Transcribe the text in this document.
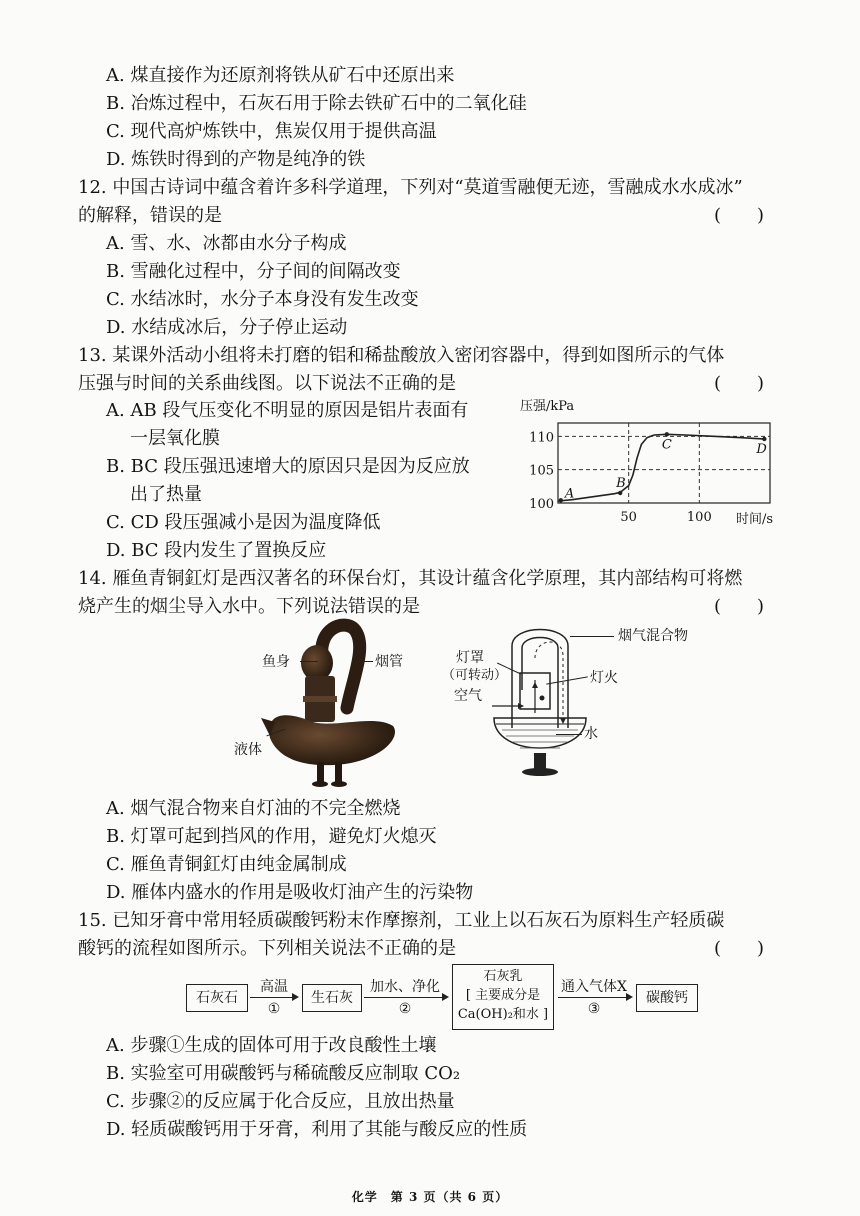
A. 煤直接作为还原剂将铁从矿石中还原出来
B. 冶炼过程中，石灰石用于除去铁矿石中的二氧化硅
C. 现代高炉炼铁中，焦炭仅用于提供高温
D. 炼铁时得到的产物是纯净的铁
12. 中国古诗词中蕴含着许多科学道理，下列对“莫道雪融便无迹，雪融成水水成冰”
的解释，错误的是	(　　)
A. 雪、水、冰都由水分子构成
B. 雪融化过程中，分子间的间隔改变
C. 水结冰时，水分子本身没有发生改变
D. 水结成冰后，分子停止运动
13. 某课外活动小组将未打磨的铝和稀盐酸放入密闭容器中，得到如图所示的气体
压强与时间的关系曲线图。以下说法不正确的是	(　　)
A. AB 段气压变化不明显的原因是铝片表面有
一层氧化膜
B. BC 段压强迅速增大的原因只是因为反应放
出了热量
C. CD 段压强减小是因为温度降低
D. BC 段内发生了置换反应
压强/kPa
100
105
110
50	100
A
B
C	D
时间/s
14. 雁鱼青铜釭灯是西汉著名的环保台灯，其设计蕴含化学原理，其内部结构可将燃
烧产生的烟尘导入水中。下列说法错误的是	(　　)
鱼身	烟管
液体
烟气混合物
灯罩
（可转动）	灯火
空气
水
A. 烟气混合物来自灯油的不完全燃烧
B. 灯罩可起到挡风的作用，避免灯火熄灭
C. 雁鱼青铜釭灯由纯金属制成
D. 雁体内盛水的作用是吸收灯油产生的污染物
15. 已知牙膏中常用轻质碳酸钙粉末作摩擦剂，工业上以石灰石为原料生产轻质碳
酸钙的流程如图所示。下列相关说法不正确的是	(　　)
石灰石
高温
①
生石灰
加水、净化
②
石灰乳
[ 主要成分是
Ca(OH)₂和水 ]
通入气体X
③
碳酸钙
A. 步骤①生成的固体可用于改良酸性土壤
B. 实验室可用碳酸钙与稀硫酸反应制取 CO₂
C. 步骤②的反应属于化合反应，且放出热量
D. 轻质碳酸钙用于牙膏，利用了其能与酸反应的性质
化学　第 3 页（共 6 页）
